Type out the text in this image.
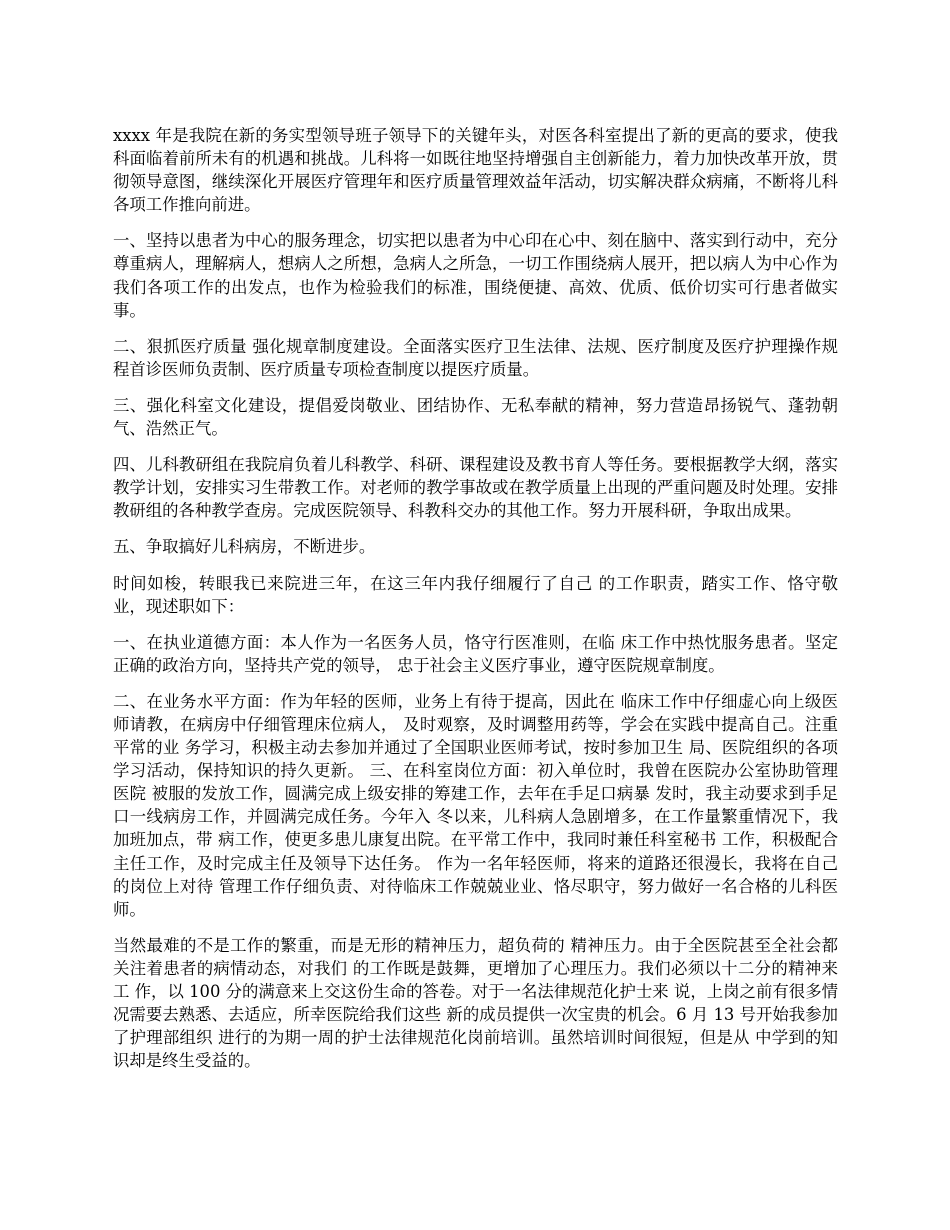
xxxx 年是我院在新的务实型领导班子领导下的关键年头，对医各科室提出了新的更高的要求，使我科面临着前所未有的机遇和挑战。儿科将一如既往地坚持增强自主创新能力，着力加快改革开放，贯彻领导意图，继续深化开展医疗管理年和医疗质量管理效益年活动，切实解决群众病痛，不断将儿科各项工作推向前进。

一、坚持以患者为中心的服务理念，切实把以患者为中心印在心中、刻在脑中、落实到行动中，充分尊重病人，理解病人，想病人之所想，急病人之所急，一切工作围绕病人展开，把以病人为中心作为我们各项工作的出发点，也作为检验我们的标准，围绕便捷、高效、优质、低价切实可行患者做实事。

二、狠抓医疗质量 强化规章制度建设。全面落实医疗卫生法律、法规、医疗制度及医疗护理操作规程首诊医师负责制、医疗质量专项检查制度以提医疗质量。

三、强化科室文化建设，提倡爱岗敬业、团结协作、无私奉献的精神，努力营造昂扬锐气、蓬勃朝气、浩然正气。

四、儿科教研组在我院肩负着儿科教学、科研、课程建设及教书育人等任务。要根据教学大纲，落实教学计划，安排实习生带教工作。对老师的教学事故或在教学质量上出现的严重问题及时处理。安排教研组的各种教学查房。完成医院领导、科教科交办的其他工作。努力开展科研，争取出成果。

五、争取搞好儿科病房，不断进步。

时间如梭，转眼我已来院进三年，在这三年内我仔细履行了自己 的工作职责，踏实工作、恪守敬业，现述职如下：

一、在执业道德方面：本人作为一名医务人员，恪守行医准则，在临 床工作中热忱服务患者。坚定正确的政治方向，坚持共产党的领导， 忠于社会主义医疗事业，遵守医院规章制度。

二、在业务水平方面：作为年轻的医师，业务上有待于提高，因此在 临床工作中仔细虚心向上级医师请教，在病房中仔细管理床位病人， 及时观察，及时调整用药等，学会在实践中提高自己。注重平常的业 务学习，积极主动去参加并通过了全国职业医师考试，按时参加卫生 局、医院组织的各项学习活动，保持知识的持久更新。 三、在科室岗位方面：初入单位时，我曾在医院办公室协助管理医院 被服的发放工作，圆满完成上级安排的筹建工作，去年在手足口病暴 发时，我主动要求到手足口一线病房工作，并圆满完成任务。今年入 冬以来，儿科病人急剧增多，在工作量繁重情况下，我加班加点，带 病工作，使更多患儿康复出院。在平常工作中，我同时兼任科室秘书 工作，积极配合主任工作，及时完成主任及领导下达任务。 作为一名年轻医师，将来的道路还很漫长，我将在自己的岗位上对待 管理工作仔细负责、对待临床工作兢兢业业、恪尽职守，努力做好一名合格的儿科医师。

当然最难的不是工作的繁重，而是无形的精神压力，超负荷的 精神压力。由于全医院甚至全社会都关注着患者的病情动态，对我们 的工作既是鼓舞，更增加了心理压力。我们必须以十二分的精神来工 作，以 100 分的满意来上交这份生命的答卷。对于一名法律规范化护士来 说，上岗之前有很多情况需要去熟悉、去适应，所幸医院给我们这些 新的成员提供一次宝贵的机会。6 月 13 号开始我参加了护理部组织 进行的为期一周的护士法律规范化岗前培训。虽然培训时间很短，但是从 中学到的知识却是终生受益的。
